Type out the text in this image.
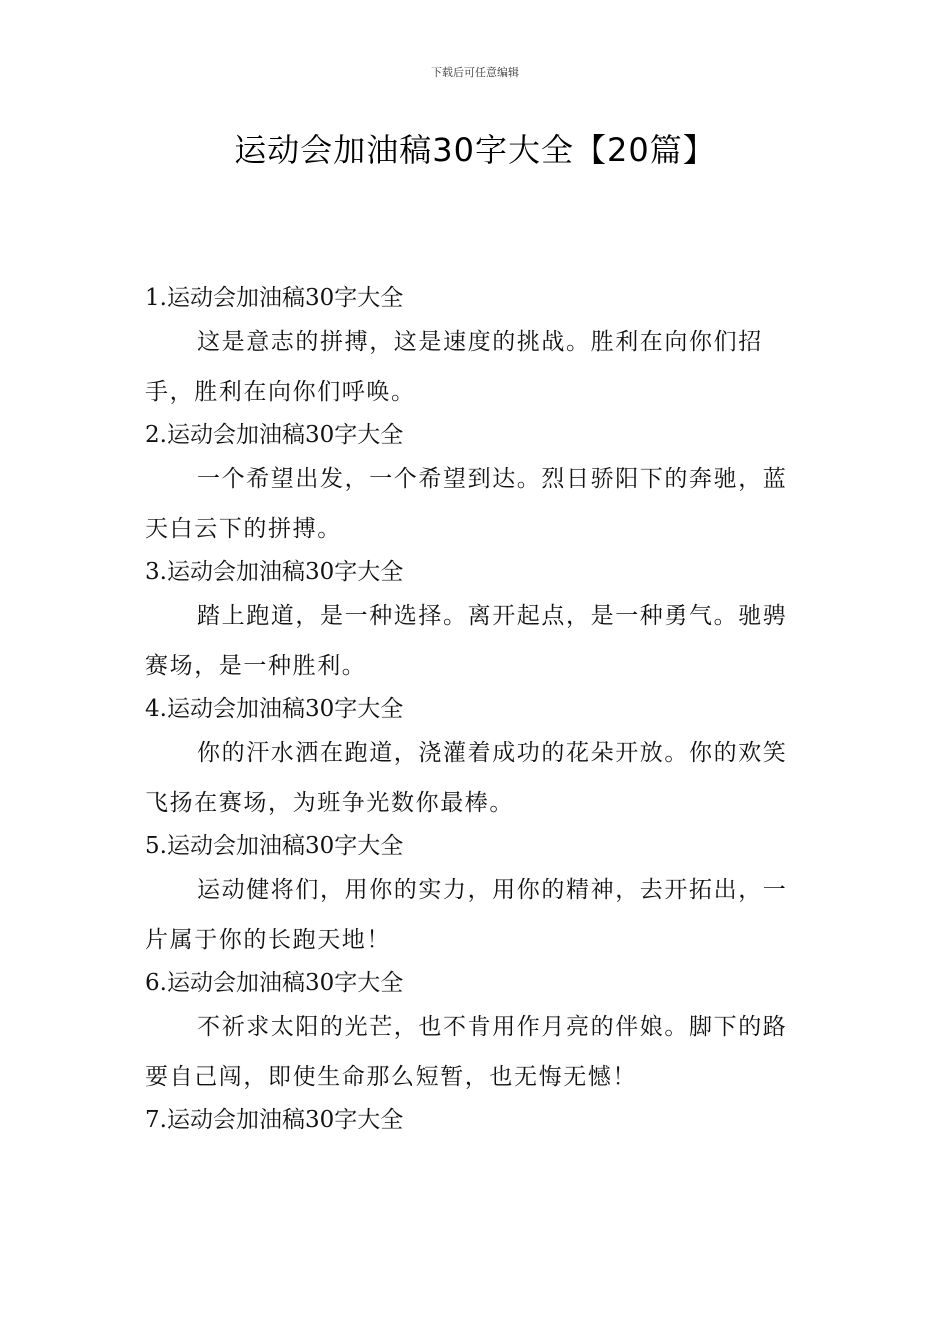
下载后可任意编辑
运动会加油稿30字大全【20篇】
1.运动会加油稿30字大全
这是意志的拼搏，这是速度的挑战。胜利在向你们招手，胜利在向你们呼唤。
2.运动会加油稿30字大全
一个希望出发，一个希望到达。烈日骄阳下的奔驰，蓝天白云下的拼搏。
3.运动会加油稿30字大全
踏上跑道，是一种选择。离开起点，是一种勇气。驰骋赛场，是一种胜利。
4.运动会加油稿30字大全
你的汗水洒在跑道，浇灌着成功的花朵开放。你的欢笑飞扬在赛场，为班争光数你最棒。
5.运动会加油稿30字大全
运动健将们，用你的实力，用你的精神，去开拓出，一片属于你的长跑天地！
6.运动会加油稿30字大全
不祈求太阳的光芒，也不肯用作月亮的伴娘。脚下的路要自己闯，即使生命那么短暂，也无悔无憾！
7.运动会加油稿30字大全
